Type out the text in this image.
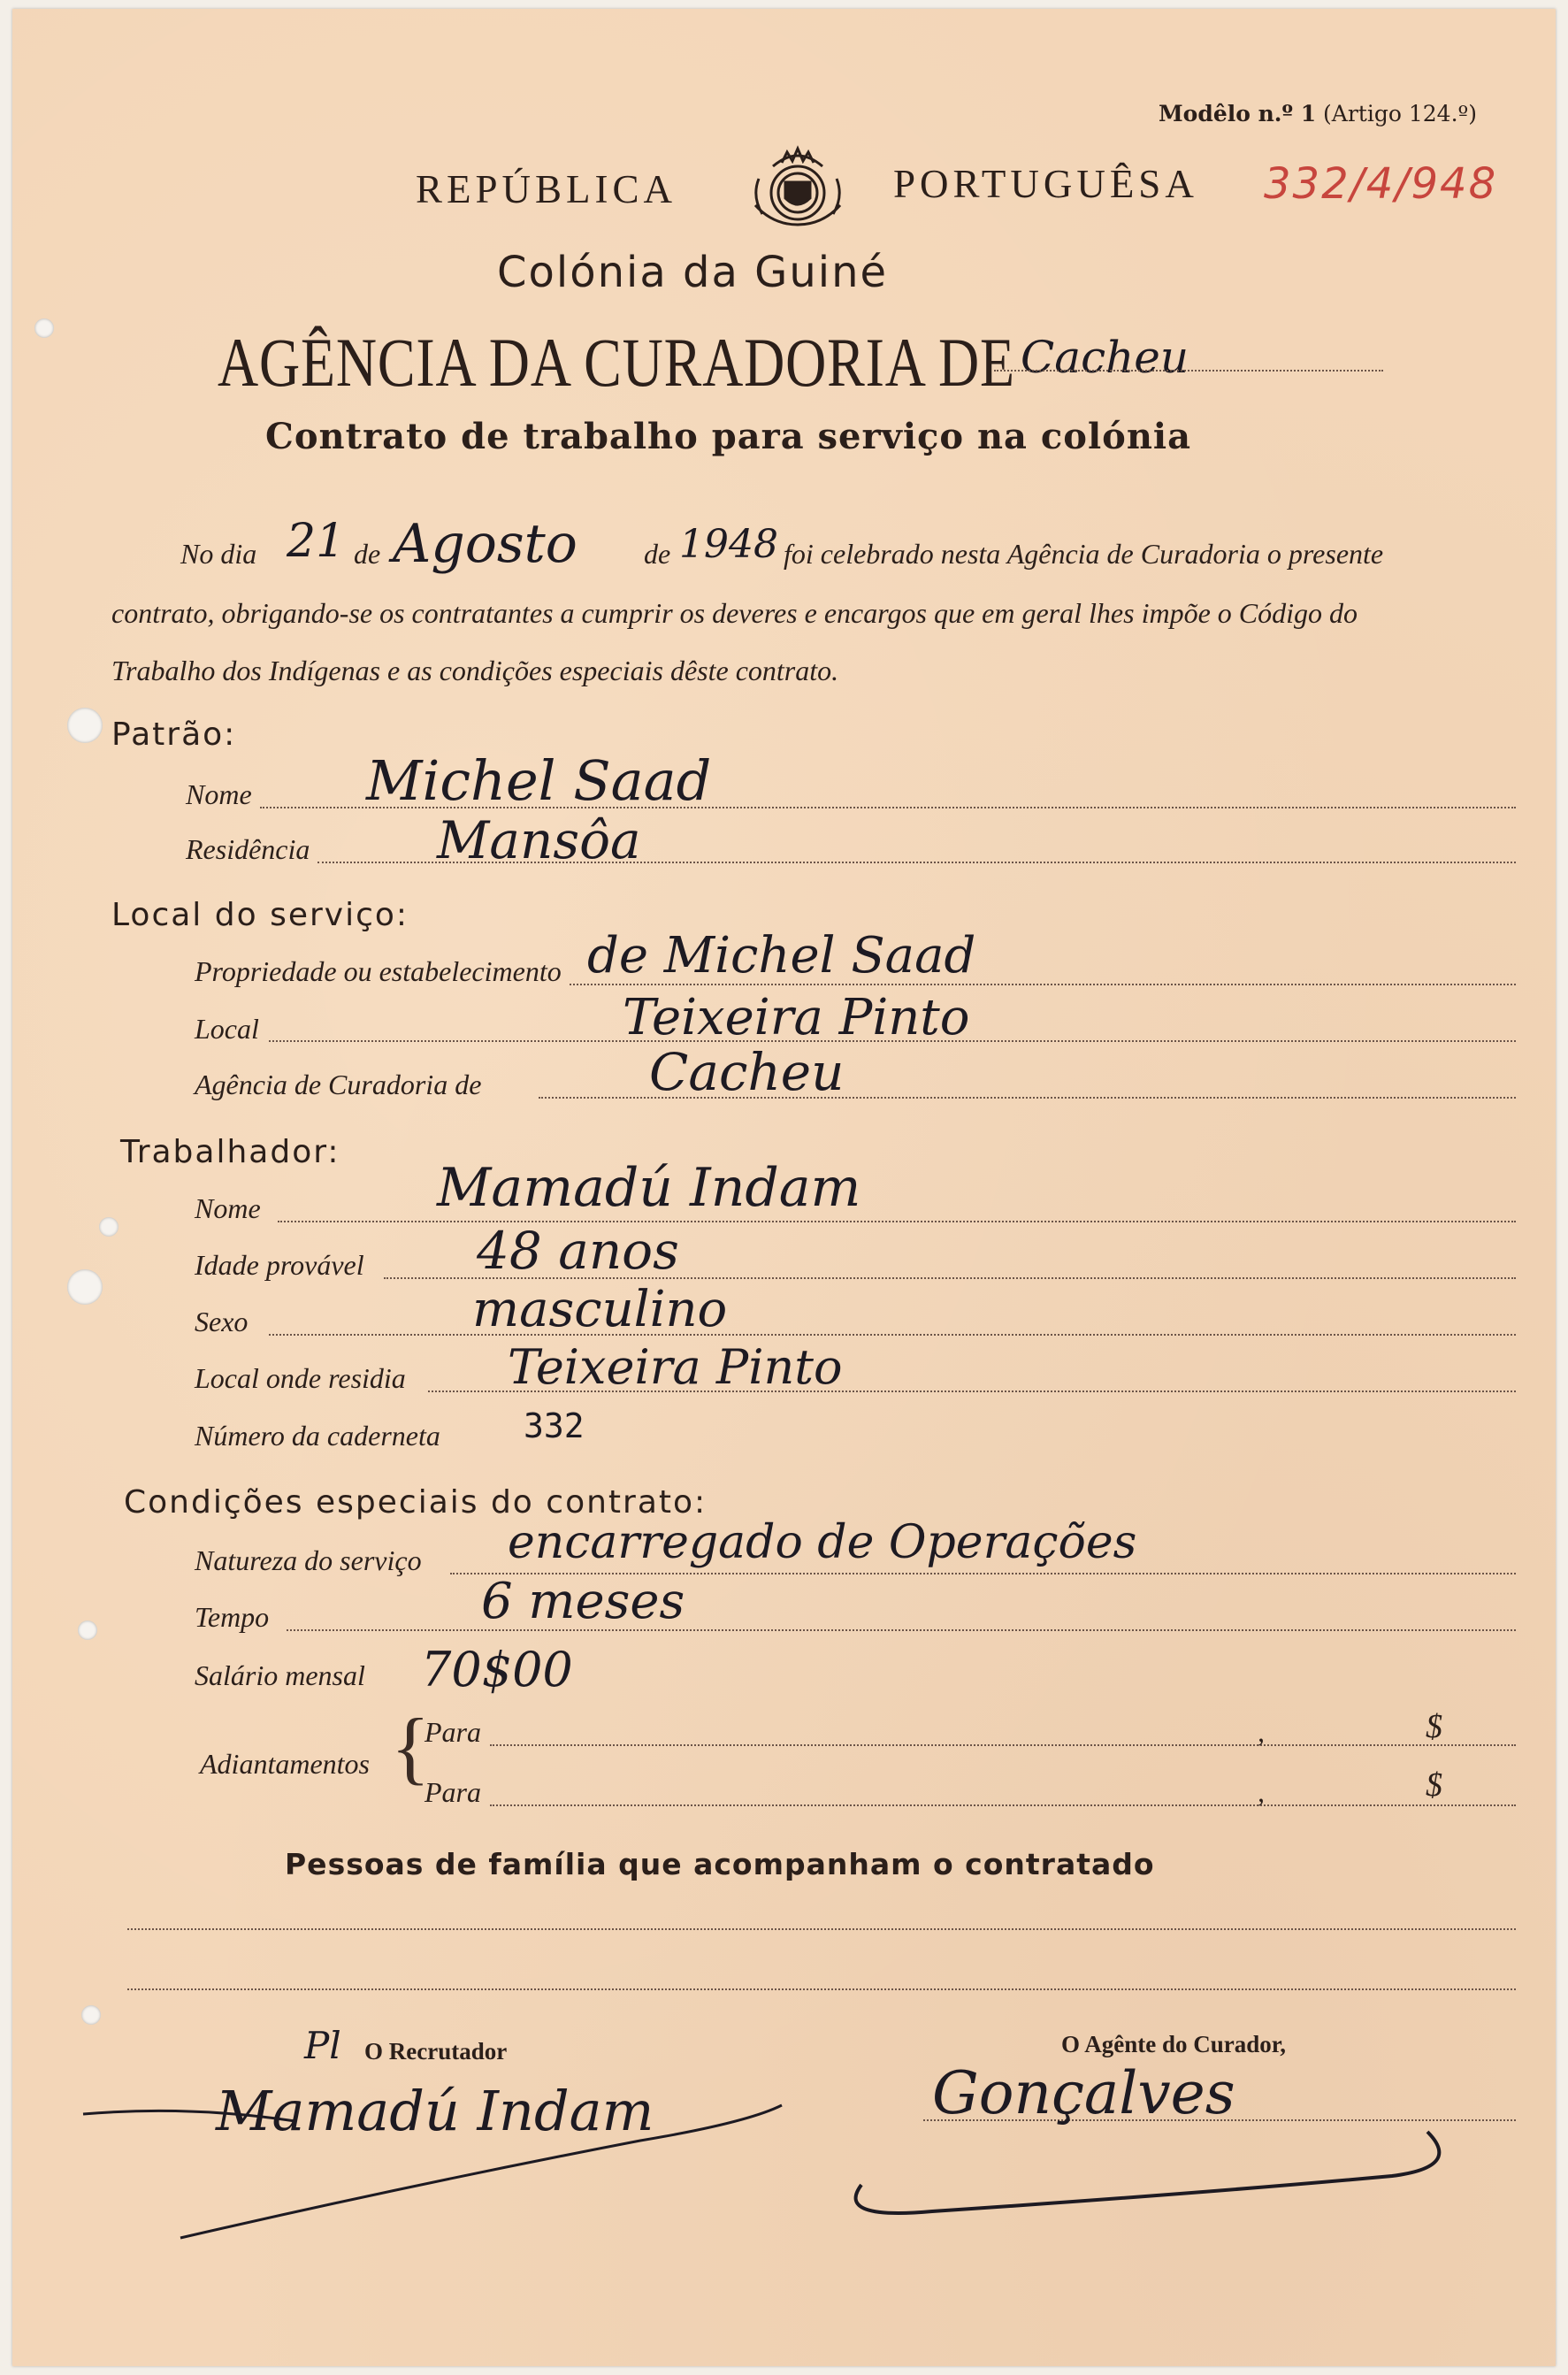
Modêlo n.º 1 (Artigo 124.º)
REPÚBLICA	PORTUGUÊSA 332/4/948
Colónia da Guiné
AGÊNCIA DA CURADORIA DE Cacheu
Contrato de trabalho para serviço na colónia
No dia 21 de Agosto de 1948 foi celebrado nesta Agência de Curadoria o presente
contrato, obrigando-se os contratantes a cumprir os deveres e encargos que em geral lhes impõe o Código do
Trabalho dos Indígenas e as condições especiais dêste contrato.
Patrão:
Nome Michel Saad
Residência Mansôa
Local do serviço:
Propriedade ou estabelecimento de Michel Saad
Local	Teixeira Pinto
Agência de Curadoria de	Cacheu
Trabalhador:
Nome	Mamadú Indam
Idade provável 48 anos
Sexo	masculino
Local onde residia Teixeira Pinto
Número da caderneta 332
Condições especiais do contrato:
Natureza do serviço encarregado de Operações
Tempo	6 meses
Salário mensal 70$00
Adiantamentos {
Para	,	$
Para	,	$
Pessoas de família que acompanham o contratado
Pl O Recrutador	O Agênte do Curador,
Mamadú Indam	Gonçalves
